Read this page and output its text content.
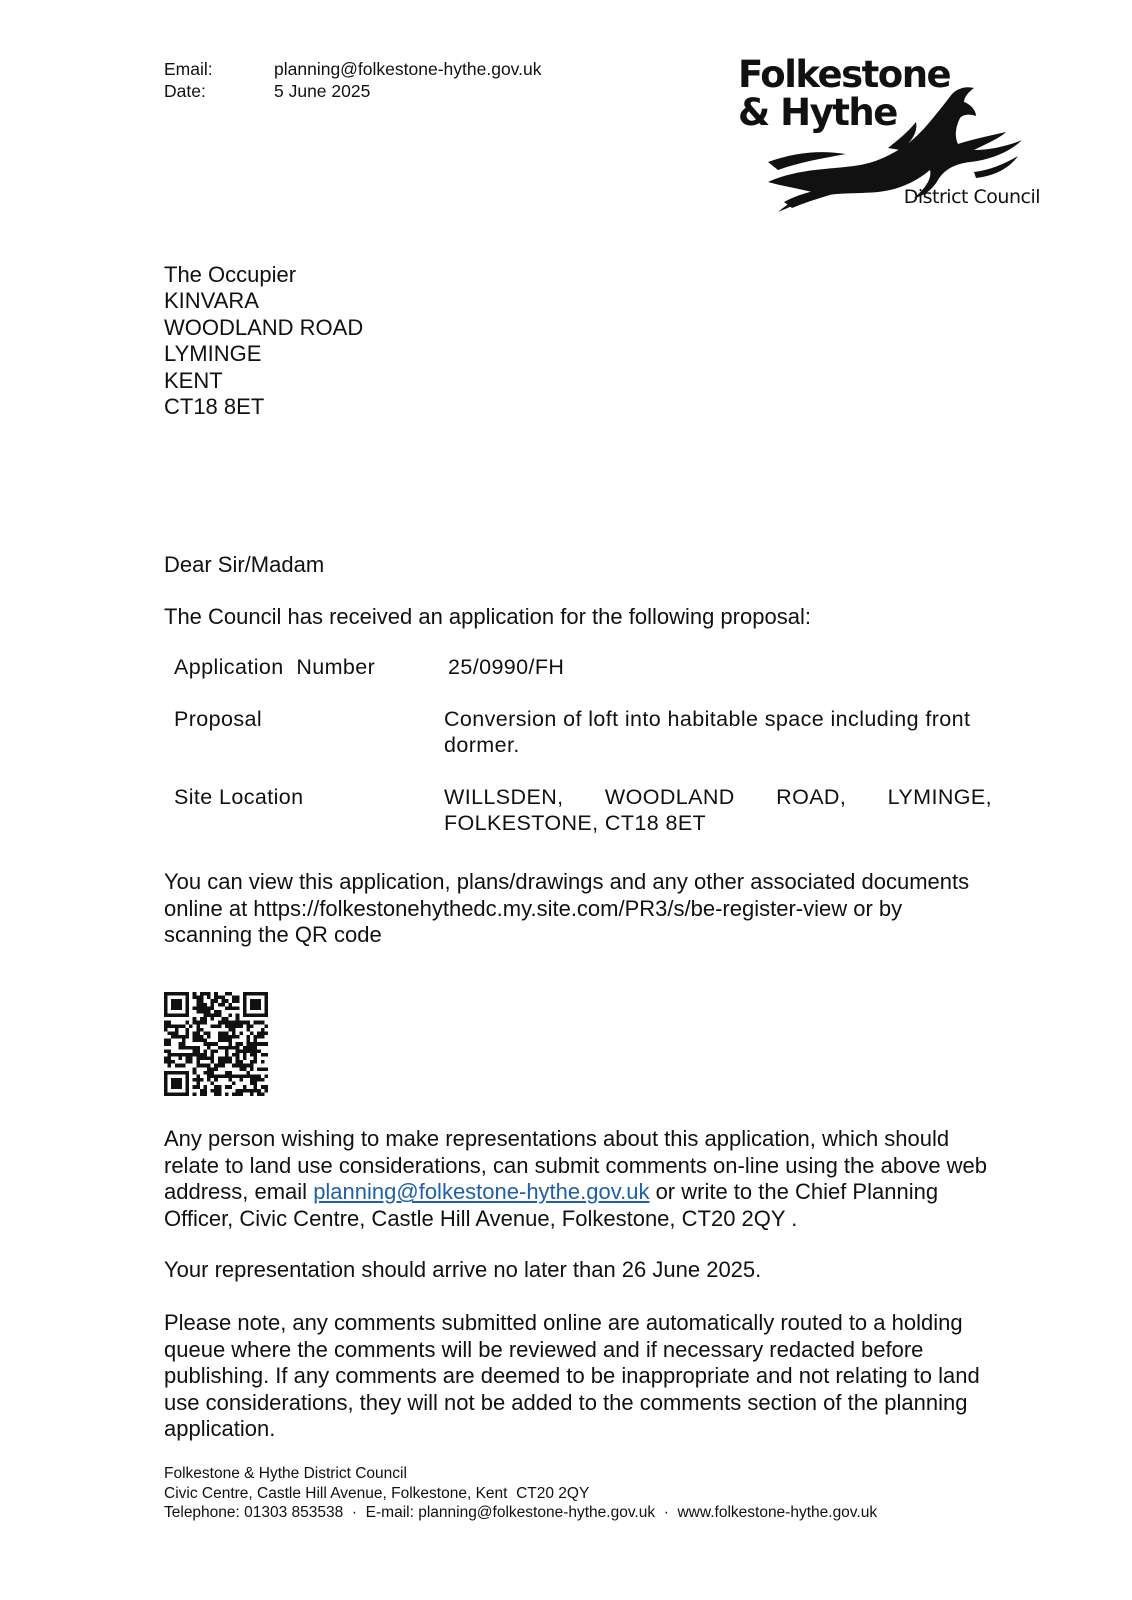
Email:	planning@folkestone-hythe.gov.uk
Date:	5 June 2025	Folkestone
& Hythe
District Council
The Occupier
KINVARA
WOODLAND ROAD
LYMINGE
KENT
CT18 8ET
Dear Sir/Madam
The Council has received an application for the following proposal:
Application  Number	25/0990/FH
Proposal	Conversion of loft into habitable space including front dormer.
Site Location	WILLSDEN, WOODLAND ROAD, LYMINGE,
FOLKESTONE, CT18 8ET
You can view this application, plans/drawings and any other associated documents online at https://folkestonehythedc.my.site.com/PR3/s/be-register-view or by scanning the QR code
Any person wishing to make representations about this application, which should relate to land use considerations, can submit comments on-line using the above web address, email planning@folkestone-hythe.gov.uk or write to the Chief Planning Officer, Civic Centre, Castle Hill Avenue, Folkestone, CT20 2QY .
Your representation should arrive no later than 26 June 2025.
Please note, any comments submitted online are automatically routed to a holding queue where the comments will be reviewed and if necessary redacted before publishing. If any comments are deemed to be inappropriate and not relating to land use considerations, they will not be added to the comments section of the planning application.
Folkestone & Hythe District Council
Civic Centre, Castle Hill Avenue, Folkestone, Kent  CT20 2QY
Telephone: 01303 853538  ·  E-mail: planning@folkestone-hythe.gov.uk  ·  www.folkestone-hythe.gov.uk
